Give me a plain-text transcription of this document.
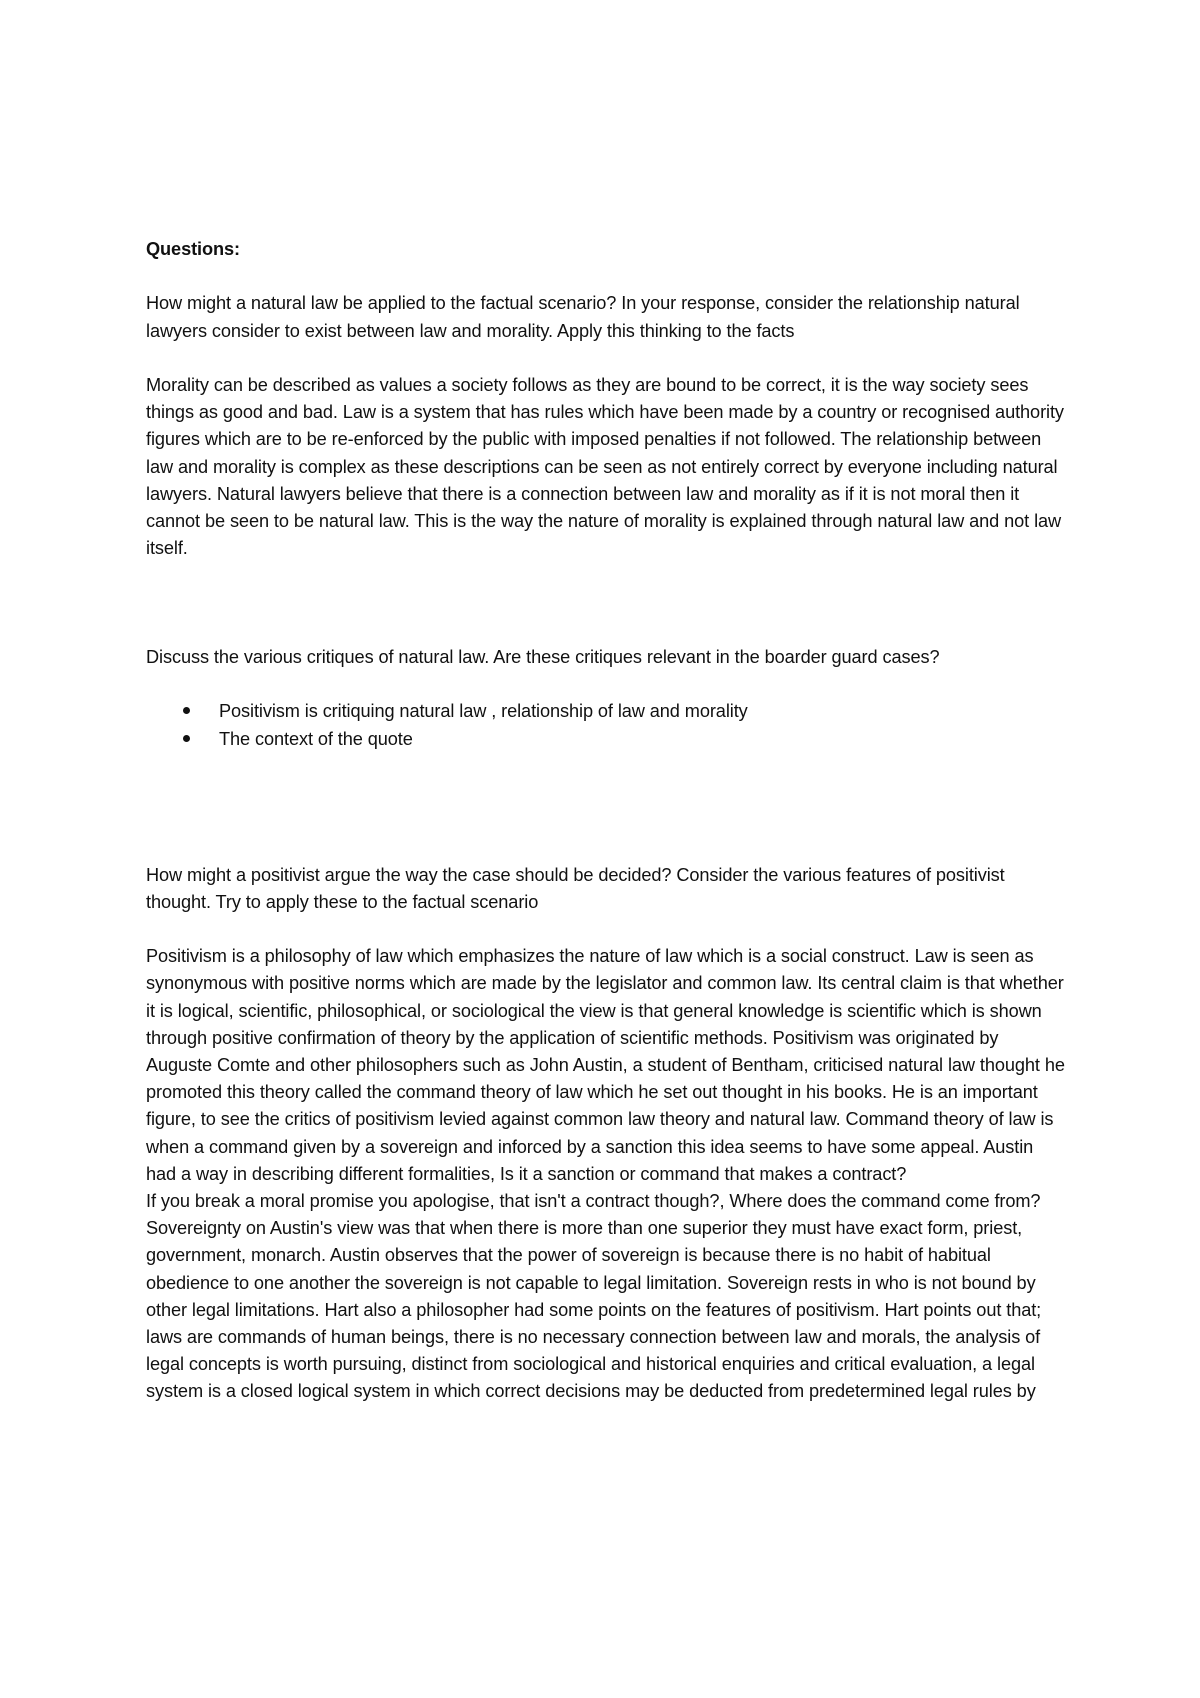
Questions:

How might a natural law be applied to the factual scenario? In your response, consider the relationship natural lawyers consider to exist between law and morality. Apply this thinking to the facts

Morality can be described as values a society follows as they are bound to be correct, it is the way society sees things as good and bad. Law is a system that has rules which have been made by a country or recognised authority figures which are to be re-enforced by the public with imposed penalties if not followed. The relationship between law and morality is complex as these descriptions can be seen as not entirely correct by everyone including natural lawyers. Natural lawyers believe that there is a connection between law and morality as if it is not moral then it cannot be seen to be natural law. This is the way the nature of morality is explained through natural law and not law itself.

Discuss the various critiques of natural law. Are these critiques relevant in the boarder guard cases?

Positivism is critiquing natural law , relationship of law and morality
The context of the quote

How might a positivist argue the way the case should be decided? Consider the various features of positivist thought. Try to apply these to the factual scenario

Positivism is a philosophy of law which emphasizes the nature of law which is a social construct. Law is seen as synonymous with positive norms which are made by the legislator and common law. Its central claim is that whether it is logical, scientific, philosophical, or sociological the view is that general knowledge is scientific which is shown through positive confirmation of theory by the application of scientific methods. Positivism was originated by Auguste Comte and other philosophers such as John Austin, a student of Bentham, criticised natural law thought he promoted this theory called the command theory of law which he set out thought in his books. He is an important figure, to see the critics of positivism levied against common law theory and natural law. Command theory of law is when a command given by a sovereign and inforced by a sanction this idea seems to have some appeal. Austin had a way in describing different formalities, Is it a sanction or command that makes a contract?

If you break a moral promise you apologise, that isn't a contract though?, Where does the command come from?

Sovereignty on Austin's view was that when there is more than one superior they must have exact form, priest, government, monarch. Austin observes that the power of sovereign is because there is no habit of habitual obedience to one another the sovereign is not capable to legal limitation. Sovereign rests in who is not bound by other legal limitations. Hart also a philosopher had some points on the features of positivism. Hart points out that; laws are commands of human beings, there is no necessary connection between law and morals, the analysis of legal concepts is worth pursuing, distinct from sociological and historical enquiries and critical evaluation, a legal system is a closed logical system in which correct decisions may be deducted from predetermined legal rules by
